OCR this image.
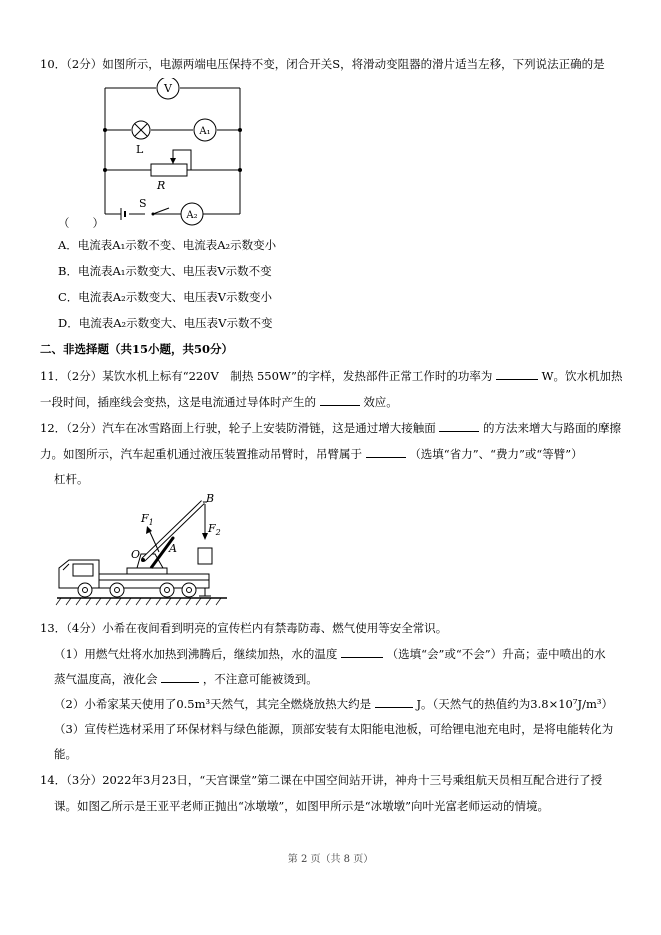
10．（2分）如图所示，电源两端电压保持不变，闭合开关S，将滑动变阻器的滑片适当左移，下列说法正确的是
V
L
A₁
R
S
A₂
（　　）
A．电流表A₁示数不变、电流表A₂示数变小
B．电流表A₁示数变大、电压表V示数不变
C．电流表A₂示数变大、电压表V示数变小
D．电流表A₂示数变大、电压表V示数不变
二、非选择题（共15小题，共50分）
11．（2分）某饮水机上标有“220V　制热 550W”的字样，发热部件正常工作时的功率为	W。饮水机加热
一段时间，插座线会变热，这是电流通过导体时产生的	效应。
12．（2分）汽车在冰雪路面上行驶，轮子上安装防滑链，这是通过增大接触面	的方法来增大与路面的摩擦
力。如图所示，汽车起重机通过液压装置推动吊臂时，吊臂属于	（选填“省力”、“费力”或“等臂”）
杠杆。
B
$F_1$	$F_2$
O	A
13．（4分）小希在夜间看到明亮的宣传栏内有禁毒防毒、燃气使用等安全常识。
（1）用燃气灶将水加热到沸腾后，继续加热，水的温度	（选填“会”或“不会”）升高；壶中喷出的水
蒸气温度高，液化会	，不注意可能被烫到。
（2）小希家某天使用了0.5m³天然气，其完全燃烧放热大约是	J。（天然气的热值约为3.8×10⁷J/m³）
（3）宣传栏选材采用了环保材料与绿色能源，顶部安装有太阳能电池板，可给锂电池充电时，是将电能转化为
能。
14．（3分）2022年3月23日，“天宫课堂”第二课在中国空间站开讲，神舟十三号乘组航天员相互配合进行了授
课。如图乙所示是王亚平老师正抛出“冰墩墩”，如图甲所示是“冰墩墩”向叶光富老师运动的情境。
第 2 页（共 8 页）
